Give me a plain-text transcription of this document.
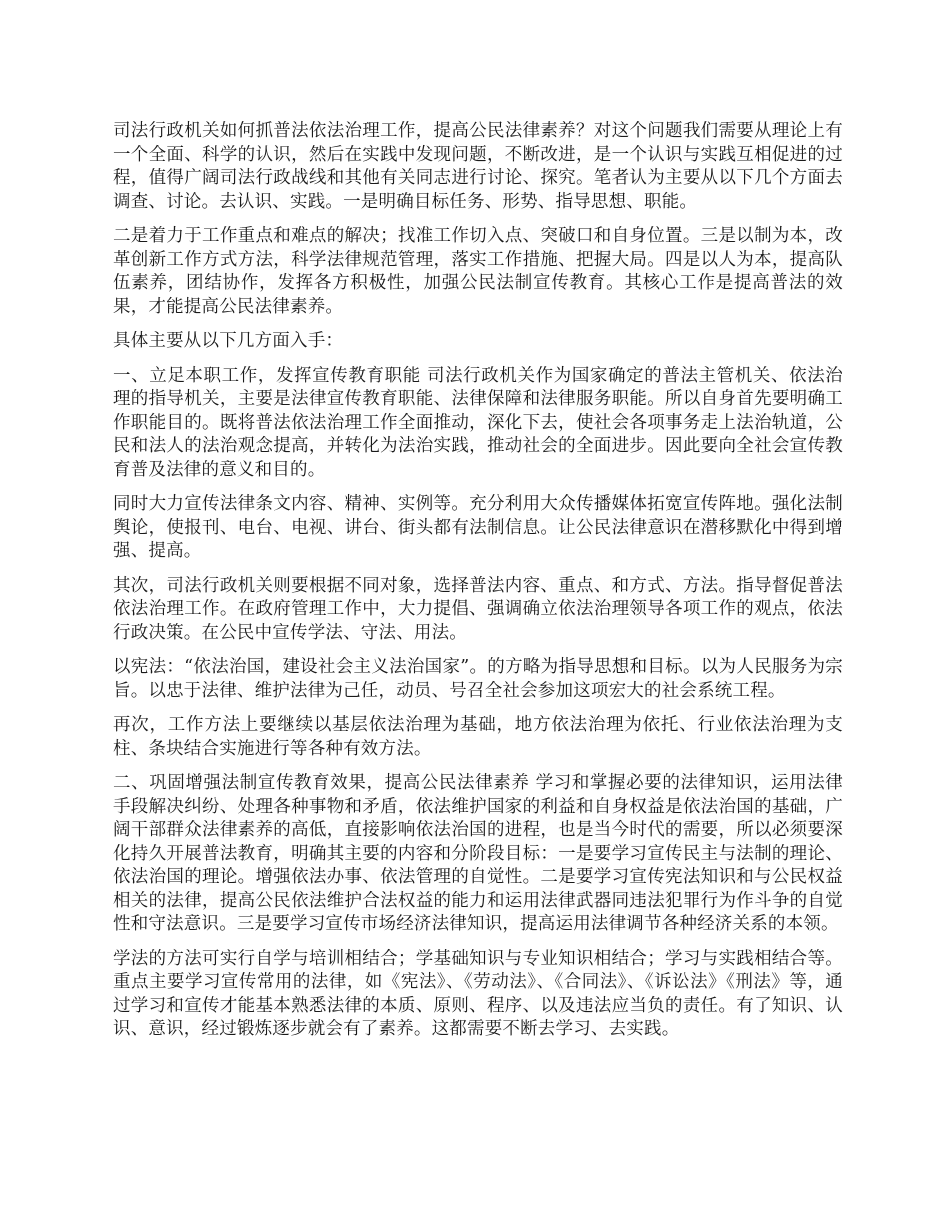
司法行政机关如何抓普法依法治理工作，提高公民法律素养？对这个问题我们需要从理论上有一个全面、科学的认识，然后在实践中发现问题，不断改进，是一个认识与实践互相促进的过程，值得广阔司法行政战线和其他有关同志进行讨论、探究。笔者认为主要从以下几个方面去调查、讨论。去认识、实践。一是明确目标任务、形势、指导思想、职能。

二是着力于工作重点和难点的解决；找准工作切入点、突破口和自身位置。三是以制为本，改革创新工作方式方法，科学法律规范管理，落实工作措施、把握大局。四是以人为本，提高队伍素养，团结协作，发挥各方积极性，加强公民法制宣传教育。其核心工作是提高普法的效果，才能提高公民法律素养。

具体主要从以下几方面入手：

一、立足本职工作，发挥宣传教育职能 司法行政机关作为国家确定的普法主管机关、依法治理的指导机关，主要是法律宣传教育职能、法律保障和法律服务职能。所以自身首先要明确工作职能目的。既将普法依法治理工作全面推动，深化下去，使社会各项事务走上法治轨道，公民和法人的法治观念提高，并转化为法治实践，推动社会的全面进步。因此要向全社会宣传教育普及法律的意义和目的。

同时大力宣传法律条文内容、精神、实例等。充分利用大众传播媒体拓宽宣传阵地。强化法制舆论，使报刊、电台、电视、讲台、街头都有法制信息。让公民法律意识在潜移默化中得到增强、提高。

其次，司法行政机关则要根据不同对象，选择普法内容、重点、和方式、方法。指导督促普法依法治理工作。在政府管理工作中，大力提倡、强调确立依法治理领导各项工作的观点，依法行政决策。在公民中宣传学法、守法、用法。

以宪法：“依法治国，建设社会主义法治国家”。的方略为指导思想和目标。以为人民服务为宗旨。以忠于法律、维护法律为己任，动员、号召全社会参加这项宏大的社会系统工程。

再次，工作方法上要继续以基层依法治理为基础，地方依法治理为依托、行业依法治理为支柱、条块结合实施进行等各种有效方法。

二、巩固增强法制宣传教育效果，提高公民法律素养 学习和掌握必要的法律知识，运用法律手段解决纠纷、处理各种事物和矛盾，依法维护国家的利益和自身权益是依法治国的基础，广阔干部群众法律素养的高低，直接影响依法治国的进程，也是当今时代的需要，所以必须要深化持久开展普法教育，明确其主要的内容和分阶段目标：一是要学习宣传民主与法制的理论、依法治国的理论。增强依法办事、依法管理的自觉性。二是要学习宣传宪法知识和与公民权益相关的法律，提高公民依法维护合法权益的能力和运用法律武器同违法犯罪行为作斗争的自觉性和守法意识。三是要学习宣传市场经济法律知识，提高运用法律调节各种经济关系的本领。

学法的方法可实行自学与培训相结合；学基础知识与专业知识相结合；学习与实践相结合等。重点主要学习宣传常用的法律，如《宪法》、《劳动法》、《合同法》、《诉讼法》《刑法》等，通过学习和宣传才能基本熟悉法律的本质、原则、程序、以及违法应当负的责任。有了知识、认识、意识，经过锻炼逐步就会有了素养。这都需要不断去学习、去实践。
